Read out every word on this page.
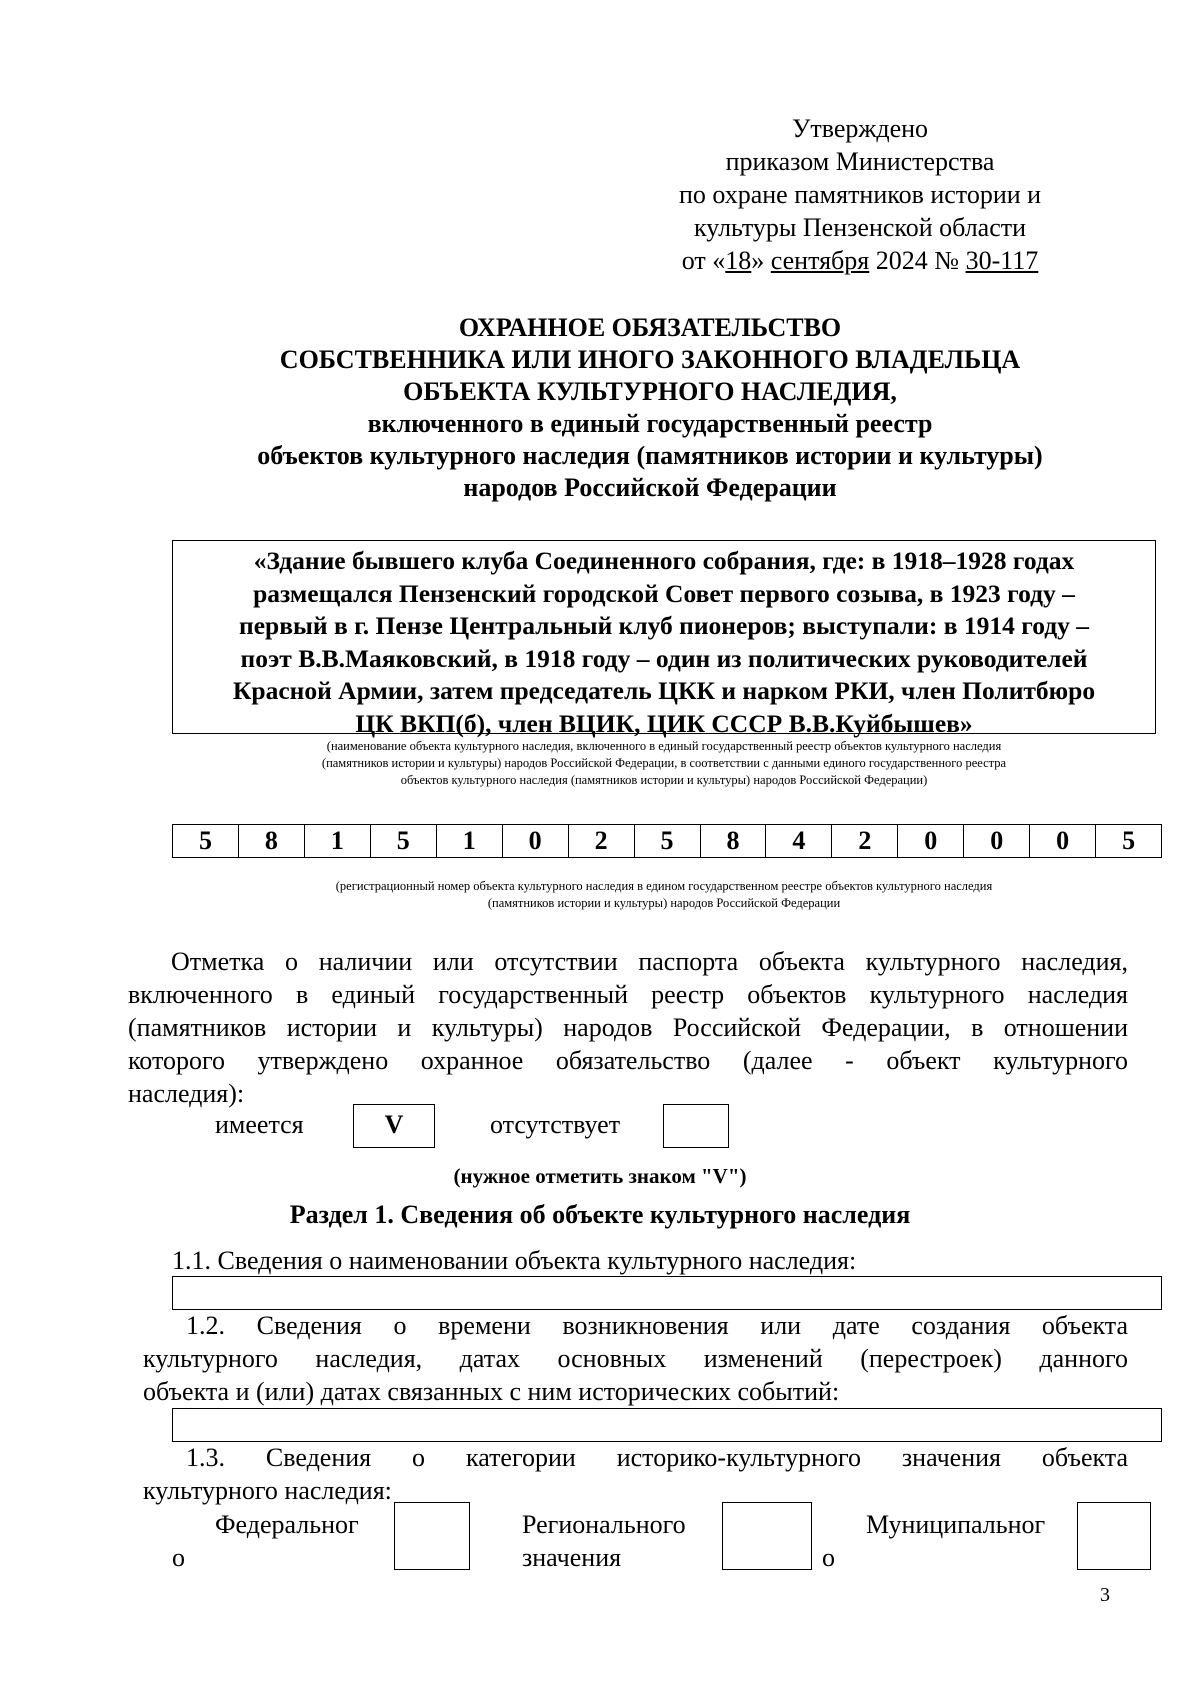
Утверждено
приказом Министерства
по охране памятников истории и
культуры Пензенской области
от «18» сентября 2024 № 30-117
ОХРАННОЕ ОБЯЗАТЕЛЬСТВО
СОБСТВЕННИКА ИЛИ ИНОГО ЗАКОННОГО ВЛАДЕЛЬЦА
ОБЪЕКТА КУЛЬТУРНОГО НАСЛЕДИЯ,
включенного в единый государственный реестр
объектов культурного наследия (памятников истории и культуры)
народов Российской Федерации
«Здание бывшего клуба Соединенного собрания, где: в 1918–1928 годах
размещался Пензенский городской Совет первого созыва, в 1923 году –
первый в г. Пензе Центральный клуб пионеров; выступали: в 1914 году –
поэт В.В.Маяковский, в 1918 году – один из политических руководителей
Красной Армии, затем председатель ЦКК и нарком РКИ, член Политбюро
ЦК ВКП(б), член ВЦИК, ЦИК СССР В.В.Куйбышев»
(наименование объекта культурного наследия, включенного в единый государственный реестр объектов культурного наследия
(памятников истории и культуры) народов Российской Федерации, в соответствии с данными единого государственного реестра
объектов культурного наследия (памятников истории и культуры) народов Российской Федерации)
5	8	1	5	1	0	2	5	8	4	2	0	0	0	5
(регистрационный номер объекта культурного наследия в едином государственном реестре объектов культурного наследия
(памятников истории и культуры) народов Российской Федерации
Отметка о наличии или отсутствии паспорта объекта культурного наследия,
включенного в единый государственный реестр объектов культурного наследия
(памятников истории и культуры) народов Российской Федерации, в отношении
которого утверждено охранное обязательство (далее - объект культурного
наследия):
имеется	V	отсутствует
(нужное отметить знаком "V")
Раздел 1. Сведения об объекте культурного наследия
1.1. Сведения о наименовании объекта культурного наследия:
1.2. Сведения о времени возникновения или дате создания объекта
культурного наследия, датах основных изменений (перестроек) данного
объекта и (или) датах связанных с ним исторических событий:
1.3. Сведения о категории историко-культурного значения объекта
культурного наследия:
Федеральног
о
Регионального
значения
Муниципальног
о
3
